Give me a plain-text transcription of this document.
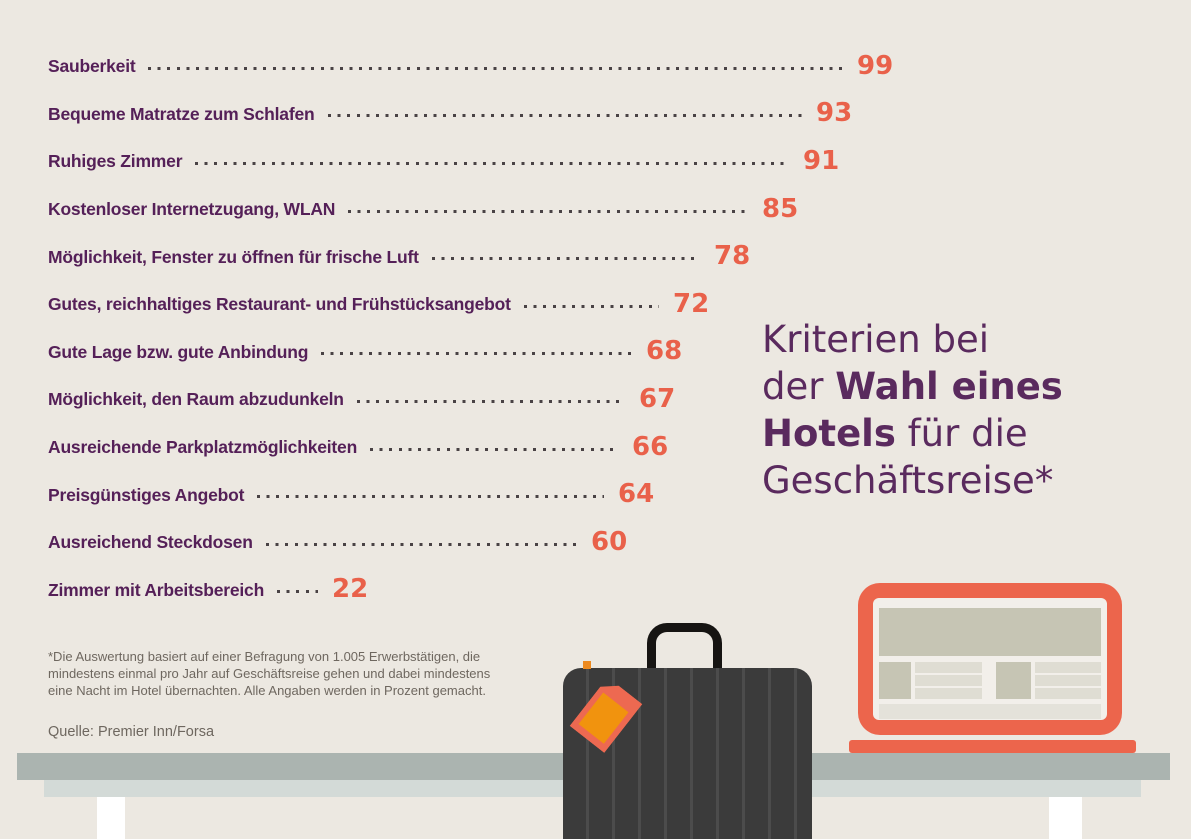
Sauberkeit	99
Bequeme Matratze zum Schlafen	93
Ruhiges Zimmer	91
Kostenloser Internetzugang, WLAN	85
Möglichkeit, Fenster zu öffnen für frische Luft	78
Gutes, reichhaltiges Restaurant- und Frühstücksangebot	72
Gute Lage bzw. gute Anbindung	68
Möglichkeit, den Raum abzudunkeln	67
Ausreichende Parkplatzmöglichkeiten	66
Preisgünstiges Angebot	64
Ausreichend Steckdosen	60
Zimmer mit Arbeitsbereich	22
Kriterien bei
der Wahl eines
Hotels für die
Geschäftsreise*
*Die Auswertung basiert auf einer Befragung von 1.005 Erwerbstätigen, die mindestens einmal pro Jahr auf Geschäftsreise gehen und dabei mindestens eine Nacht im Hotel übernachten. Alle Angaben werden in Prozent gemacht.
Quelle: Premier Inn/Forsa
